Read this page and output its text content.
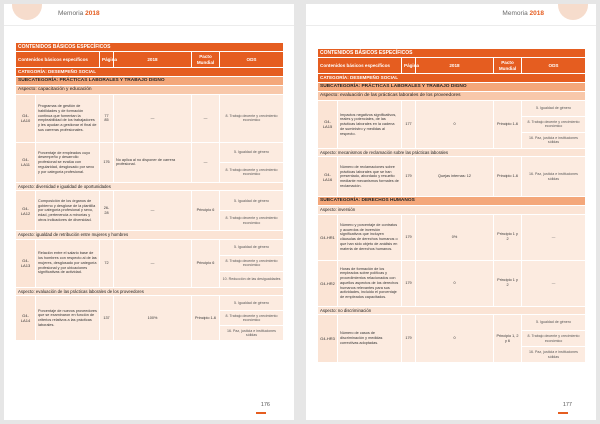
Memoria 2018
CONTENIDOS BÁSICOS ESPECÍFICOS					
Contenidos básicos específicos		Página	2018	Pacto Mundial	ODS
CATEGORÍA: DESEMPEÑO SOCIAL					
SUBCATEGORÍA: PRÁCTICAS LABORALES Y TRABAJO DIGNO					
Aspecto: capacitación y educación					
G4-LA10	Programas de gestión de habilidades y de formación continua que fomentan la empleabilidad de los trabajadores y les ayudan a gestionar el final de sus carreras profesionales.	77 85	—	—	8. Trabajo decente y crecimiento económico
G4-LA11	Porcentaje de empleados cuyo desempeño y desarrollo profesional se evalúa con regularidad, desglosado por sexo y por categoría profesional.	176	No aplica al no disponer de carrera profesional.	—	5. Igualdad de género
					8. Trabajo decente y crecimiento económico
Aspecto: diversidad e igualdad de oportunidades					
G4-LA12	Composición de los órganos de gobierno y desglose de la plantilla por categoría profesional y sexo, edad, pertenencia a minorías y otros indicadores de diversidad.	26-28	—	Principio 6	5. Igualdad de género
					8. Trabajo decente y crecimiento económico
Aspecto: igualdad de retribución entre mujeres y hombres					
G4-LA13	Relación entre el salario base de los hombres con respecto al de las mujeres, desglosado por categoría profesional y por ubicaciones significativas de actividad.	72	—	Principio 6	5. Igualdad de género
					8. Trabajo decente y crecimiento económico
					10. Reducción de las desigualdades
Aspecto: evaluación de las prácticas laborales de los proveedores					
G4-LA14	Porcentaje de nuevos proveedores que se examinaron en función de criterios relativos a las prácticas laborales.	137	100%	Principio 1-6	5. Igualdad de género
					8. Trabajo decente y crecimiento económico
					16. Paz, justicia e instituciones sólidas
176
Memoria 2018
CONTENIDOS BÁSICOS ESPECÍFICOS					
Contenidos básicos específicos		Página	2018	Pacto Mundial	ODS
CATEGORÍA: DESEMPEÑO SOCIAL					
SUBCATEGORÍA: PRÁCTICAS LABORALES Y TRABAJO DIGNO					
Aspecto: evaluación de las prácticas laborales de los proveedores					
G4-LA15	Impactos negativos significativos, reales y potenciales, de las prácticas laborales en la cadena de suministro y medidas al respecto.	177	0	Principio 1-6	5. Igualdad de género
					8. Trabajo decente y crecimiento económico
					16. Paz, justicia e instituciones sólidas
Aspecto: mecanismos de reclamación sobre las prácticas laborales					
G4-LA16	Número de reclamaciones sobre prácticas laborales que se han presentado, abordado y resuelto mediante mecanismos formales de reclamación.	179	Quejas internas: 12	Principio 1-6	16. Paz, justicia e instituciones sólidas
SUBCATEGORÍA: DERECHOS HUMANOS					
Aspecto: inversión					
G4-HR1	Número y porcentaje de contratos y acuerdos de inversión significativos que incluyen cláusulas de derechos humanos o que han sido objeto de análisis en materia de derechos humanos.	179	0%	Principio 1 y 2	—
G4-HR2	Horas de formación de los empleados sobre políticas y procedimientos relacionados con aquellos aspectos de los derechos humanos relevantes para sus actividades, incluido el porcentaje de empleados capacitados.	179	0	Principio 1 y 2	—
Aspecto: no discriminación					
G4-HR3	Número de casos de discriminación y medidas correctivas adoptadas.	179	0	Principio 1, 2 y 6	5. Igualdad de género
					8. Trabajo decente y crecimiento económico
					16. Paz, justicia e instituciones sólidas
177
